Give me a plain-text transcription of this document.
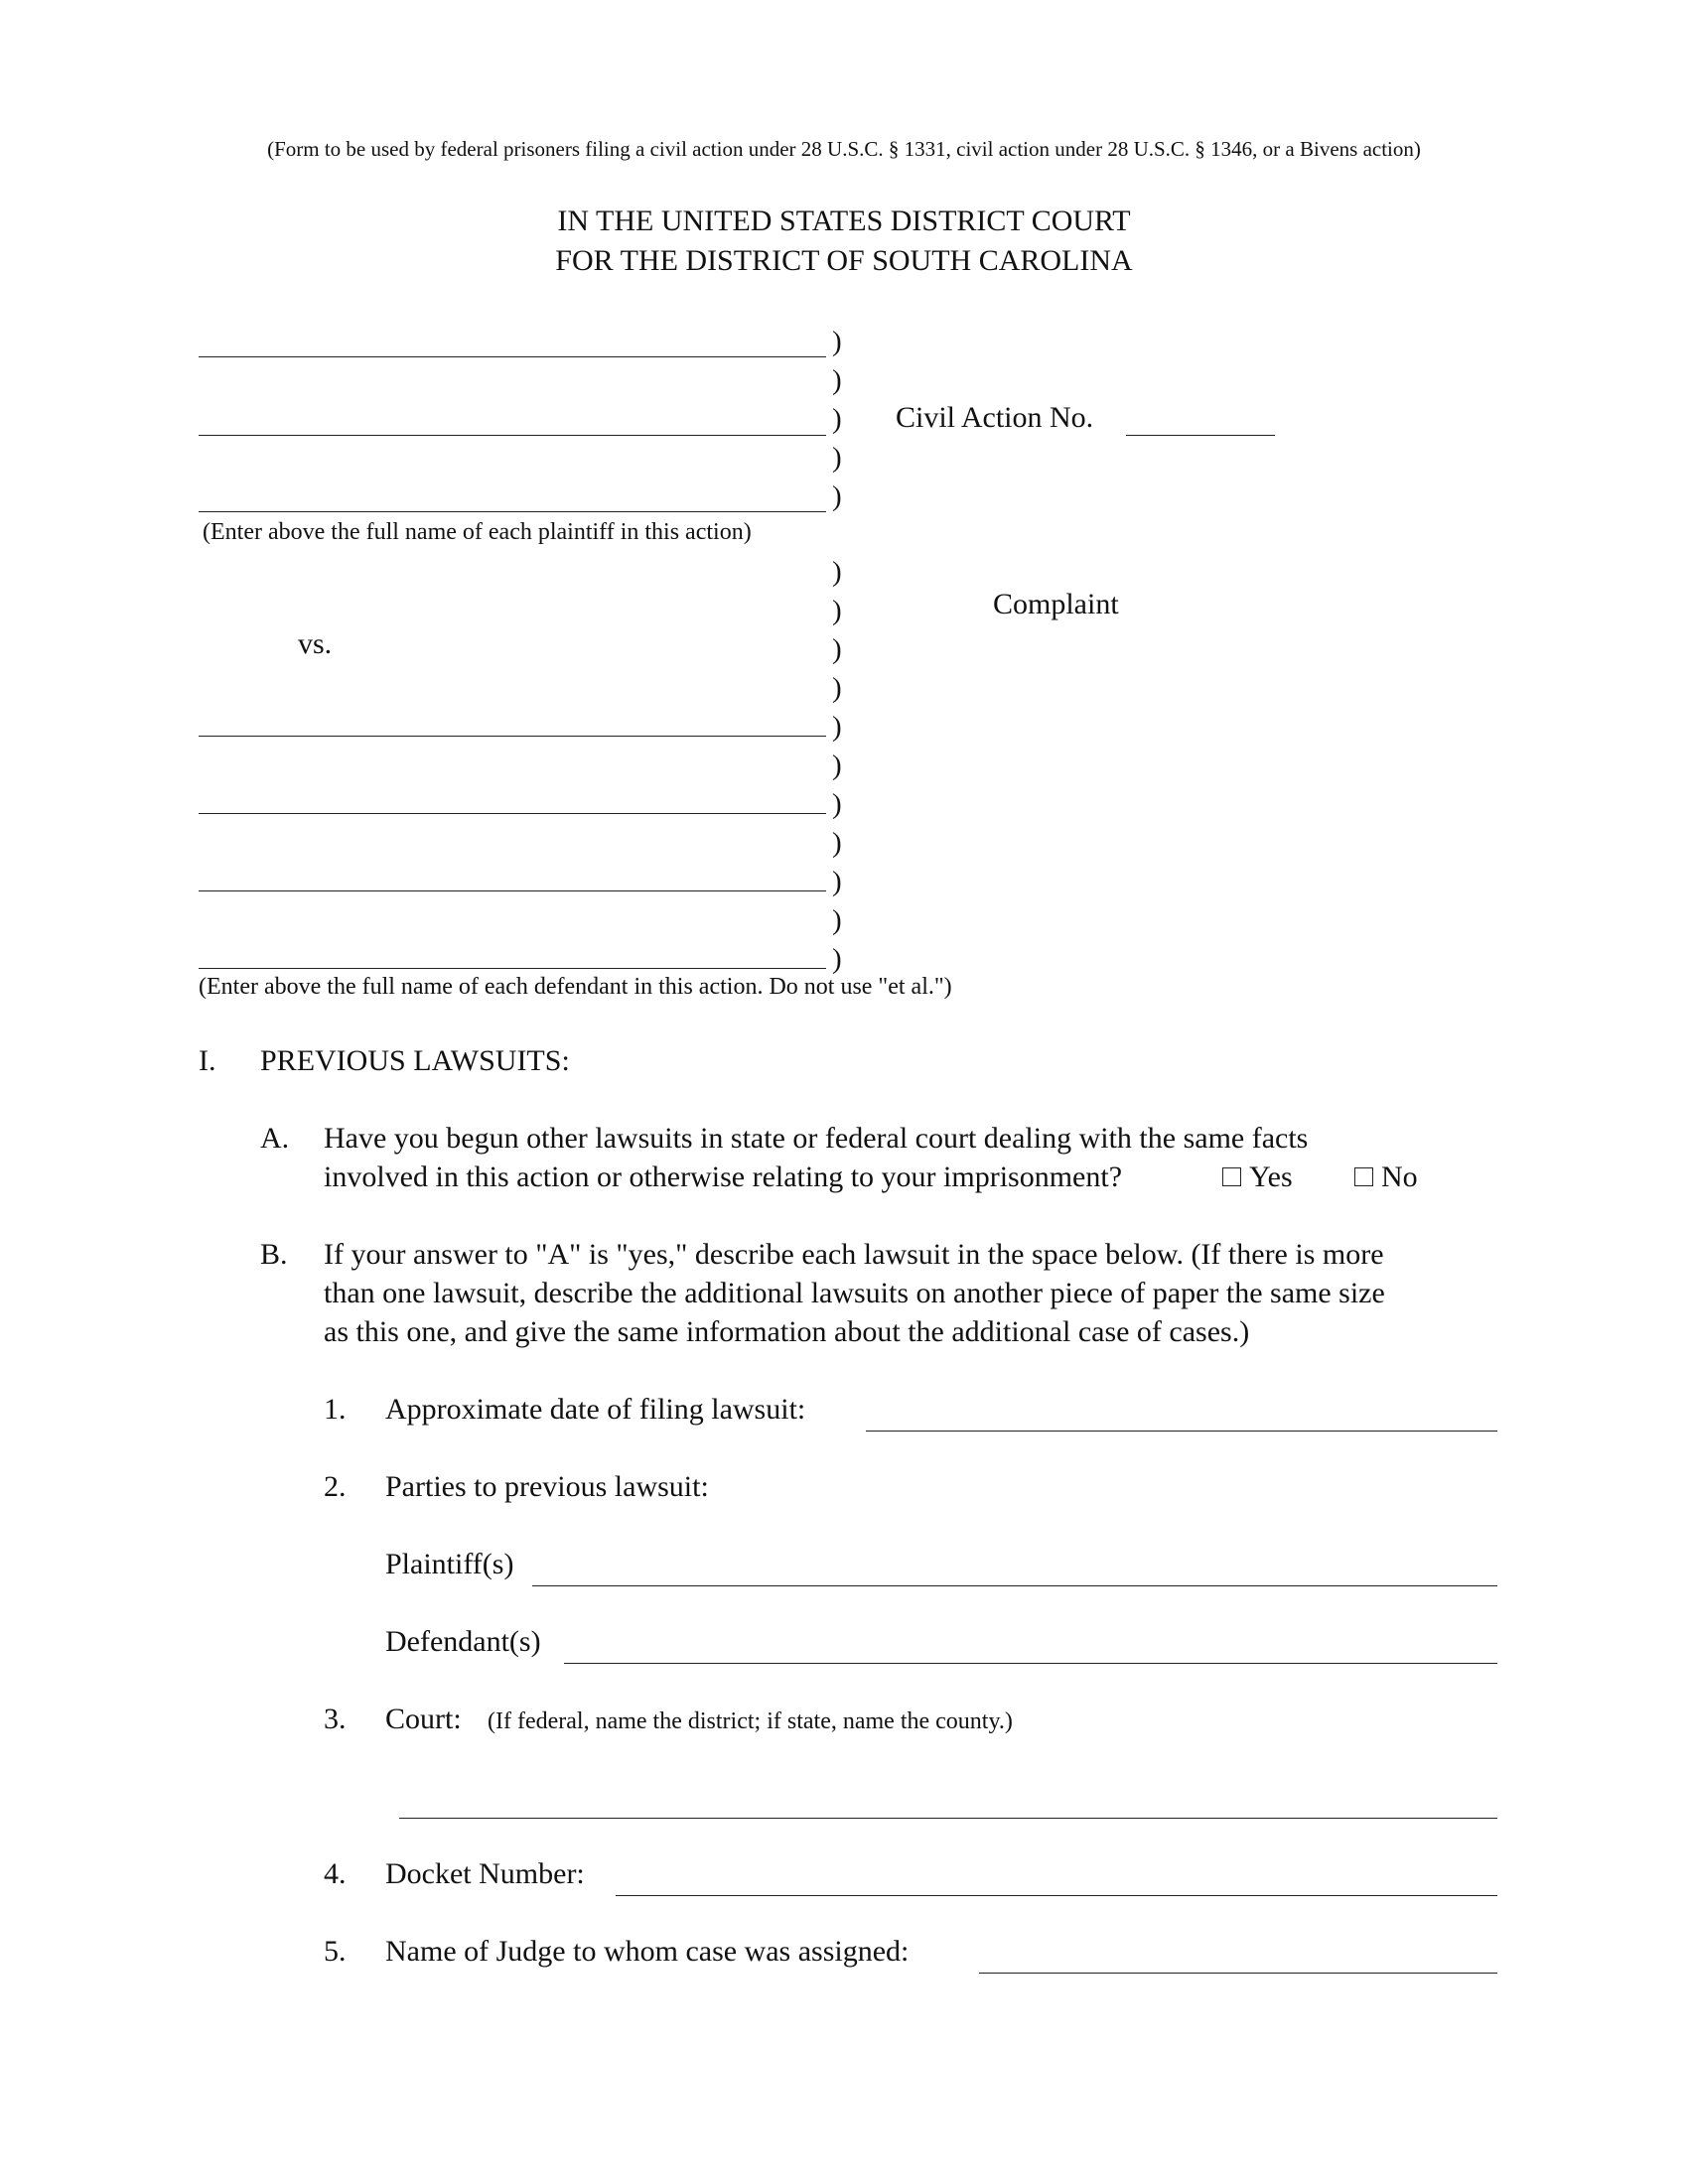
(Form to be used by federal prisoners filing a civil action under 28 U.S.C. § 1331, civil action under 28 U.S.C. § 1346, or a Bivens action)
IN THE UNITED STATES DISTRICT COURT
FOR THE DISTRICT OF SOUTH CAROLINA
)
)
)
)
)
)
)
)
)
)
)
)
)
)
)
)
Civil Action No.
(Enter above the full name of each plaintiff in this action)
Complaint
vs.
(Enter above the full name of each defendant in this action. Do not use "et al.")
I. PREVIOUS LAWSUITS:
A. Have you begun other lawsuits in state or federal court dealing with the same facts
involved in this action or otherwise relating to your imprisonment?	Yes	No
B. If your answer to "A" is "yes," describe each lawsuit in the space below. (If there is more
than one lawsuit, describe the additional lawsuits on another piece of paper the same size
as this one, and give the same information about the additional case of cases.)
1. Approximate date of filing lawsuit:
2. Parties to previous lawsuit:
Plaintiff(s)
Defendant(s)
3. Court: (If federal, name the district; if state, name the county.)
4. Docket Number:
5. Name of Judge to whom case was assigned:
